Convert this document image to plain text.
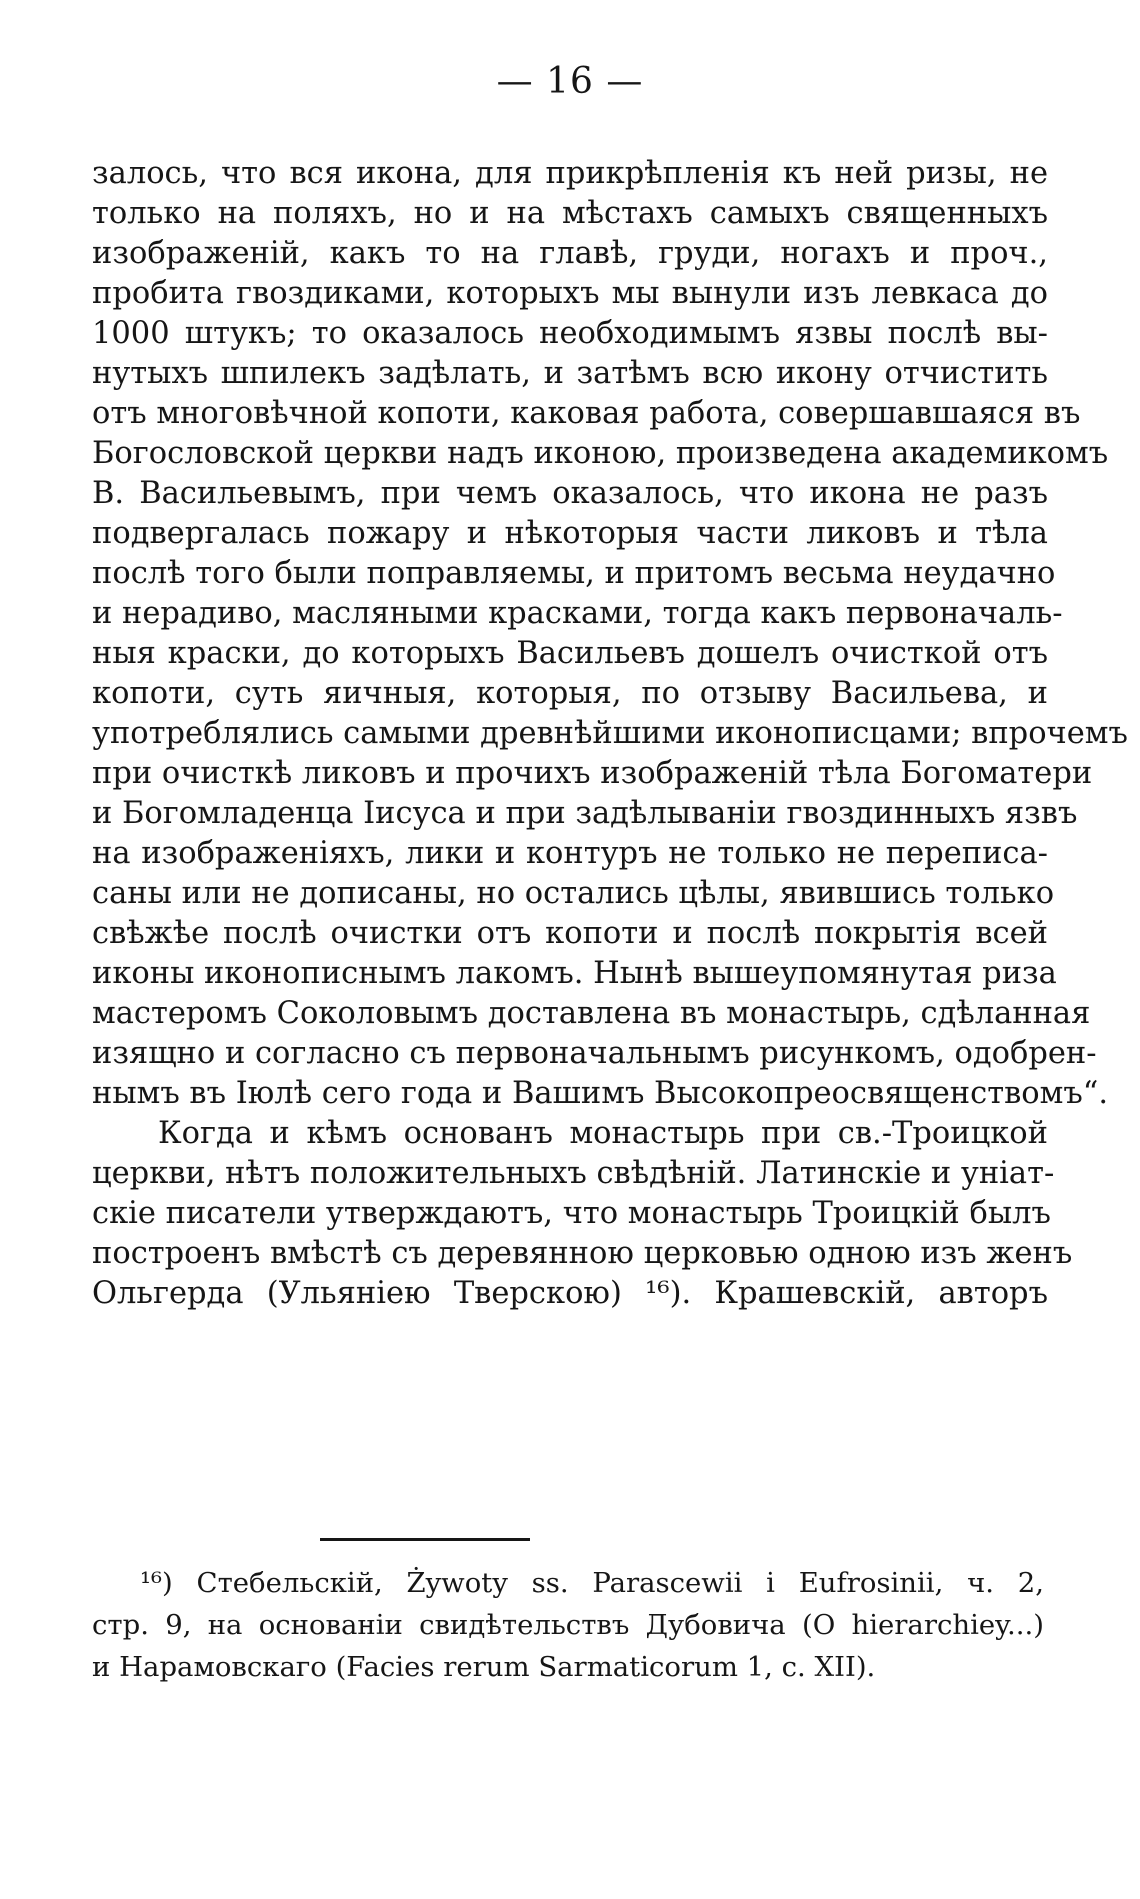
— 16 —
залось, что вся икона, для прикрѣпленія къ ней ризы, не
только на поляхъ, но и на мѣстахъ самыхъ священныхъ
изображеній, какъ то на главѣ, груди, ногахъ и проч.,
пробита гвоздиками, которыхъ мы вынули изъ левкаса до
1000 штукъ; то оказалось необходимымъ язвы послѣ вы-
нутыхъ шпилекъ задѣлать, и затѣмъ всю икону отчистить
отъ многовѣчной копоти, каковая работа, совершавшаяся въ
Богословской церкви надъ иконою, произведена академикомъ
В. Васильевымъ, при чемъ оказалось, что икона не разъ
подвергалась пожару и нѣкоторыя части ликовъ и тѣла
послѣ того были поправляемы, и притомъ весьма неудачно
и нерадиво, масляными красками, тогда какъ первоначаль-
ныя краски, до которыхъ Васильевъ дошелъ очисткой отъ
копоти, суть яичныя, которыя, по отзыву Васильева, и
употреблялись самыми древнѣйшими иконописцами; впрочемъ
при очисткѣ ликовъ и прочихъ изображеній тѣла Богоматери
и Богомладенца Іисуса и при задѣлываніи гвоздинныхъ язвъ
на изображеніяхъ, лики и контуръ не только не переписа-
саны или не дописаны, но остались цѣлы, явившись только
свѣжѣе послѣ очистки отъ копоти и послѣ покрытія всей
иконы иконописнымъ лакомъ. Нынѣ вышеупомянутая риза
мастеромъ Соколовымъ доставлена въ монастырь, сдѣланная
изящно и согласно съ первоначальнымъ рисункомъ, одобрен-
нымъ въ Іюлѣ сего года и Вашимъ Высокопреосвященствомъ“.
Когда и кѣмъ основанъ монастырь при св.-Троицкой
церкви, нѣтъ положительныхъ свѣдѣній. Латинскіе и уніат-
скіе писатели утверждаютъ, что монастырь Троицкій былъ
построенъ вмѣстѣ съ деревянною церковью одною изъ женъ
Ольгерда (Ульяніею Тверскою) ¹⁶). Крашевскій, авторъ
¹⁶) Стебельскій, Żywoty ss. Parascewii i Eufrosinii, ч. 2,
стр. 9, на основаніи свидѣтельствъ Дубовича (O hierarchiey...)
и Нарамовскаго (Facies rerum Sarmaticorum 1, с. XII).
